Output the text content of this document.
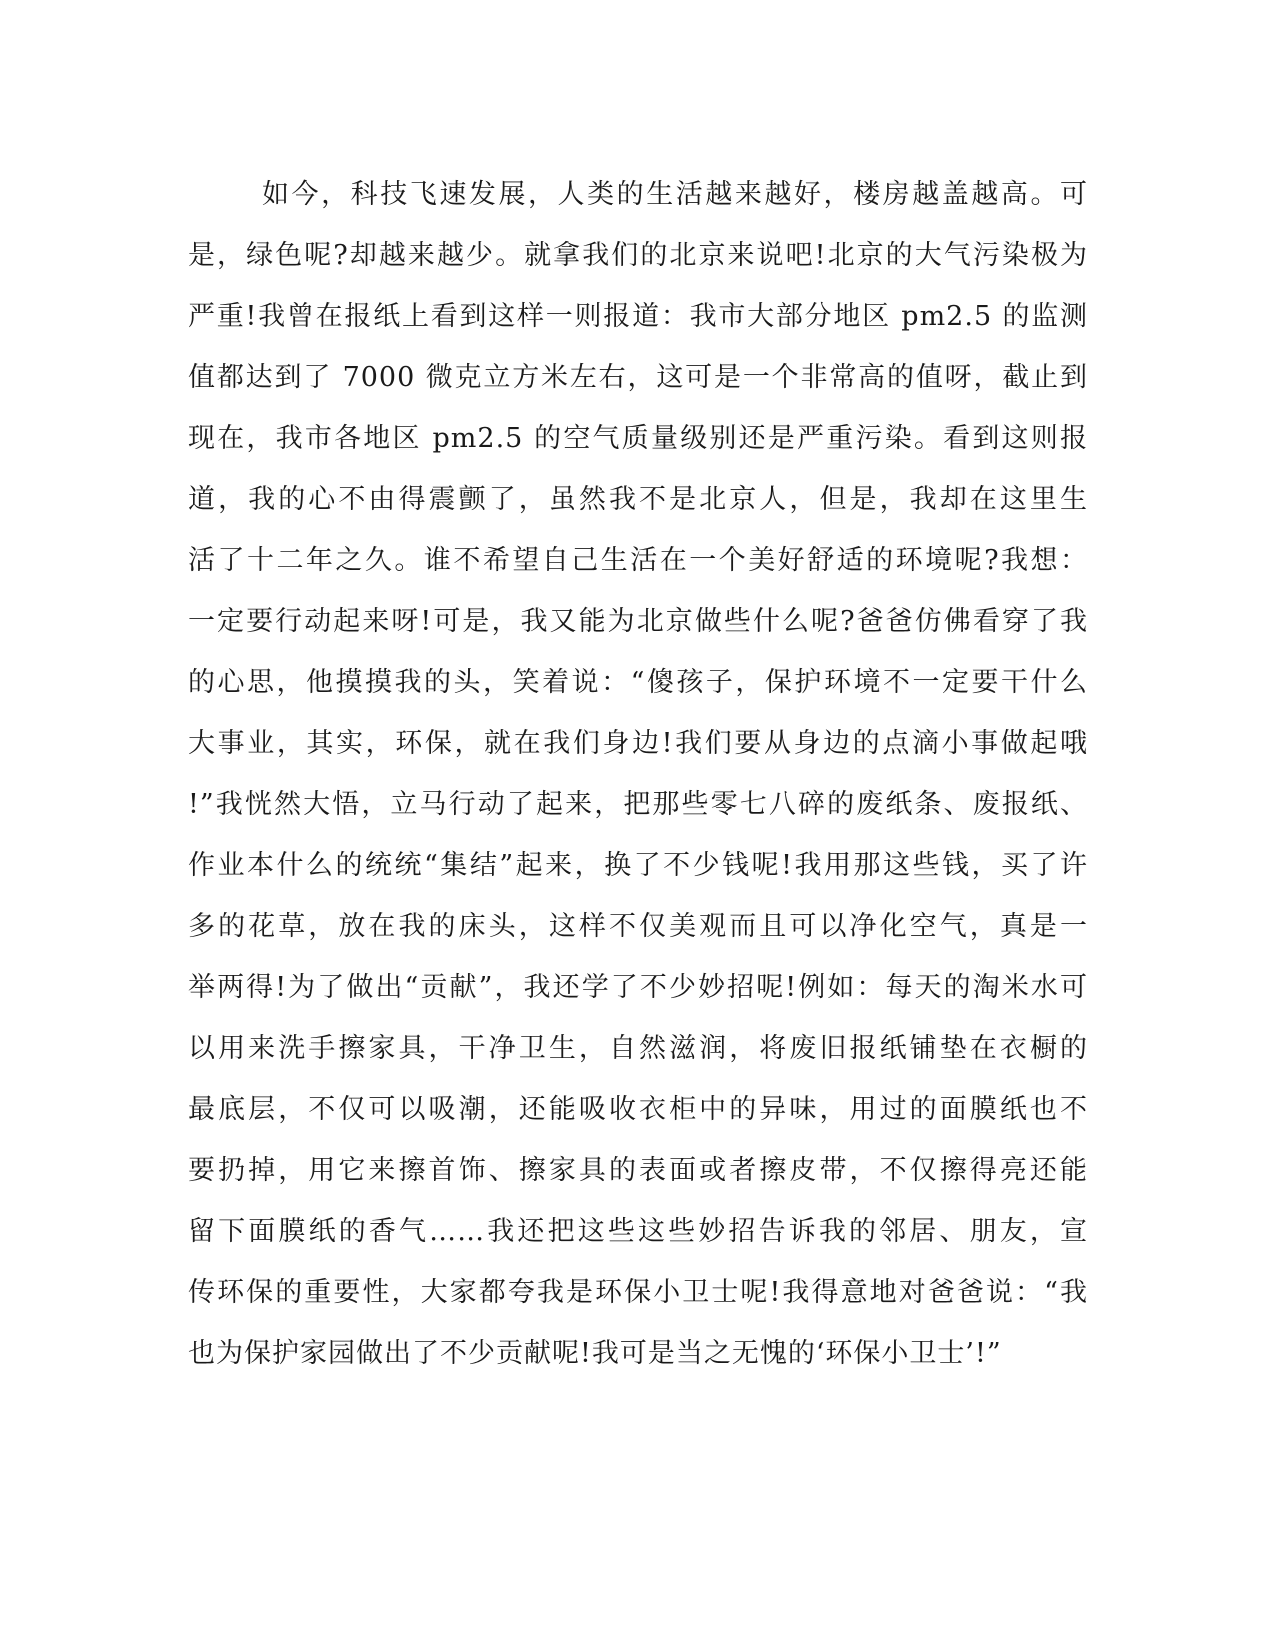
如今，科技飞速发展，人类的生活越来越好，楼房越盖越高。可
是，绿色呢?却越来越少。就拿我们的北京来说吧!北京的大气污染极为
严重!我曾在报纸上看到这样一则报道：我市大部分地区 pm2.5 的监测
值都达到了 7000 微克立方米左右，这可是一个非常高的值呀，截止到
现在，我市各地区 pm2.5 的空气质量级别还是严重污染。看到这则报
道，我的心不由得震颤了，虽然我不是北京人，但是，我却在这里生
活了十二年之久。谁不希望自己生活在一个美好舒适的环境呢?我想：
一定要行动起来呀!可是，我又能为北京做些什么呢?爸爸仿佛看穿了我
的心思，他摸摸我的头，笑着说：“傻孩子，保护环境不一定要干什么
大事业，其实，环保，就在我们身边!我们要从身边的点滴小事做起哦
!”我恍然大悟，立马行动了起来，把那些零七八碎的废纸条、废报纸、
作业本什么的统统“集结”起来，换了不少钱呢!我用那这些钱，买了许
多的花草，放在我的床头，这样不仅美观而且可以净化空气，真是一
举两得!为了做出“贡献”，我还学了不少妙招呢!例如：每天的淘米水可
以用来洗手擦家具，干净卫生，自然滋润，将废旧报纸铺垫在衣橱的
最底层，不仅可以吸潮，还能吸收衣柜中的异味，用过的面膜纸也不
要扔掉，用它来擦首饰、擦家具的表面或者擦皮带，不仅擦得亮还能
留下面膜纸的香气……我还把这些这些妙招告诉我的邻居、朋友，宣
传环保的重要性，大家都夸我是环保小卫士呢!我得意地对爸爸说：“我
也为保护家园做出了不少贡献呢!我可是当之无愧的‘环保小卫士’!”
